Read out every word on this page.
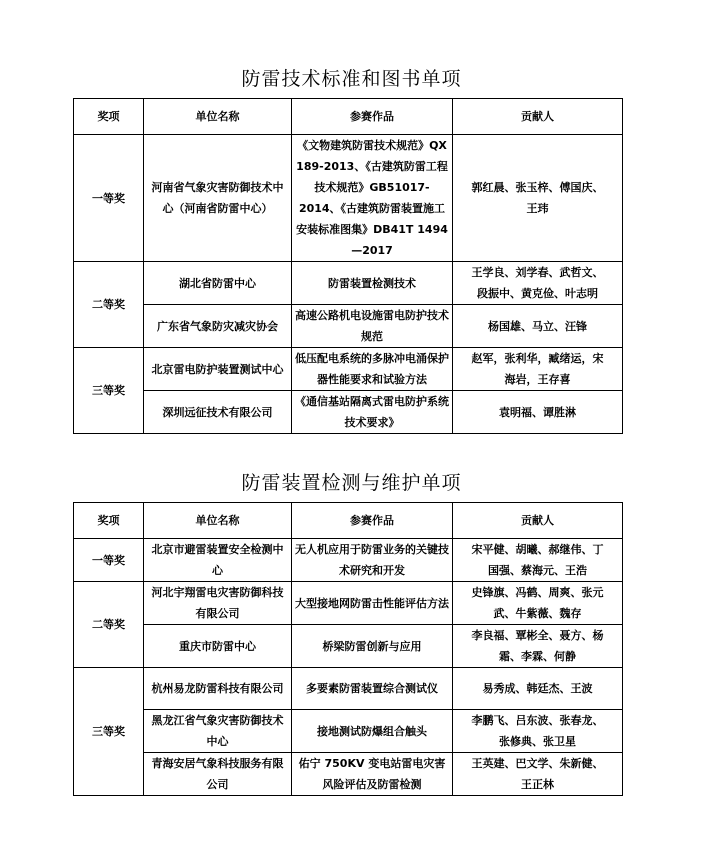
防雷技术标准和图书单项
奖项	单位名称	参赛作品	贡献人
一等奖	河南省气象灾害防御技术中心（河南省防雷中心）	《文物建筑防雷技术规范》QX 189-2013、《古建筑防雷工程技术规范》GB51017-2014、《古建筑防雷装置施工安装标准图集》DB41T 1494—2017	郭红晨、张玉梓、傅国庆、王玮
二等奖	湖北省防雷中心	防雷装置检测技术	王学良、刘学春、武哲文、段振中、黄克俭、叶志明
	广东省气象防灾减灾协会	高速公路机电设施雷电防护技术规范	杨国雄、马立、汪锋
三等奖	北京雷电防护装置测试中心	低压配电系统的多脉冲电涌保护器性能要求和试验方法	赵军，张利华，臧绪运，宋海岩，王存喜
	深圳远征技术有限公司	《通信基站隔离式雷电防护系统技术要求》	袁明福、谭胜淋
防雷装置检测与维护单项
奖项	单位名称	参赛作品	贡献人
一等奖	北京市避雷装置安全检测中心	无人机应用于防雷业务的关键技术研究和开发	宋平健、胡曦、郝继伟、丁国强、蔡海元、王浩
二等奖	河北宇翔雷电灾害防御科技有限公司	大型接地网防雷击性能评估方法	史锋旗、冯鹤、周爽、张元武、牛紫薇、魏存
	重庆市防雷中心	桥梁防雷创新与应用	李良福、覃彬全、聂方、杨霜、李霖、何静
三等奖	杭州易龙防雷科技有限公司	多要素防雷装置综合测试仪	易秀成、韩廷杰、王波
	黑龙江省气象灾害防御技术中心	接地测试防爆组合触头	李鹏飞、吕东波、张春龙、张修典、张卫星
	青海安居气象科技服务有限公司	佑宁 750KV 变电站雷电灾害风险评估及防雷检测	王英建、巴文学、朱新健、王正林
